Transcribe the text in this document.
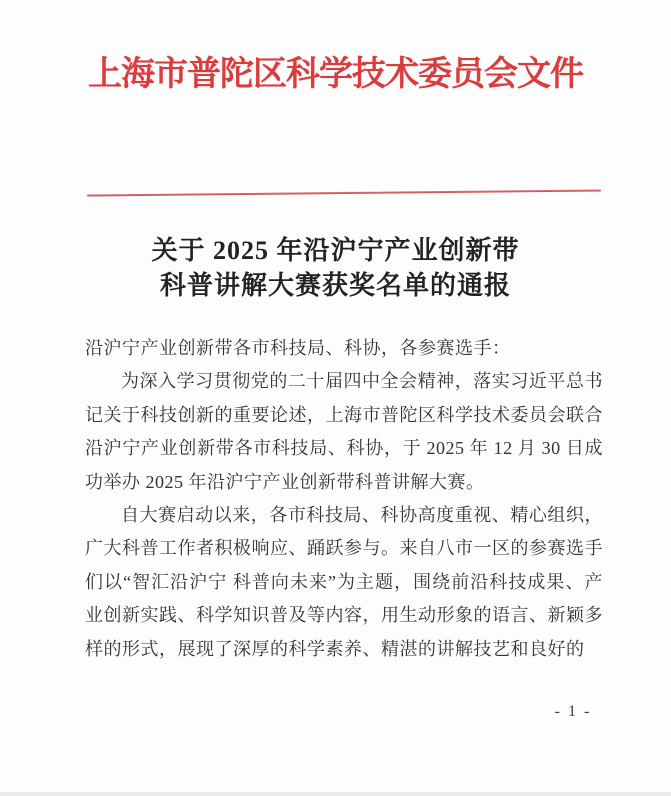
上海市普陀区科学技术委员会文件
关于 2025 年沿沪宁产业创新带
科普讲解大赛获奖名单的通报
沿沪宁产业创新带各市科技局、科协，各参赛选手：
为深入学习贯彻党的二十届四中全会精神，落实习近平总书记关于科技创新的重要论述，上海市普陀区科学技术委员会联合沿沪宁产业创新带各市科技局、科协，于 2025 年 12 月 30 日成功举办 2025 年沿沪宁产业创新带科普讲解大赛。
自大赛启动以来，各市科技局、科协高度重视、精心组织，广大科普工作者积极响应、踊跃参与。来自八市一区的参赛选手们以“智汇沿沪宁 科普向未来”为主题，围绕前沿科技成果、产业创新实践、科学知识普及等内容，用生动形象的语言、新颖多样的形式，展现了深厚的科学素养、精湛的讲解技艺和良好的
- 1 -
